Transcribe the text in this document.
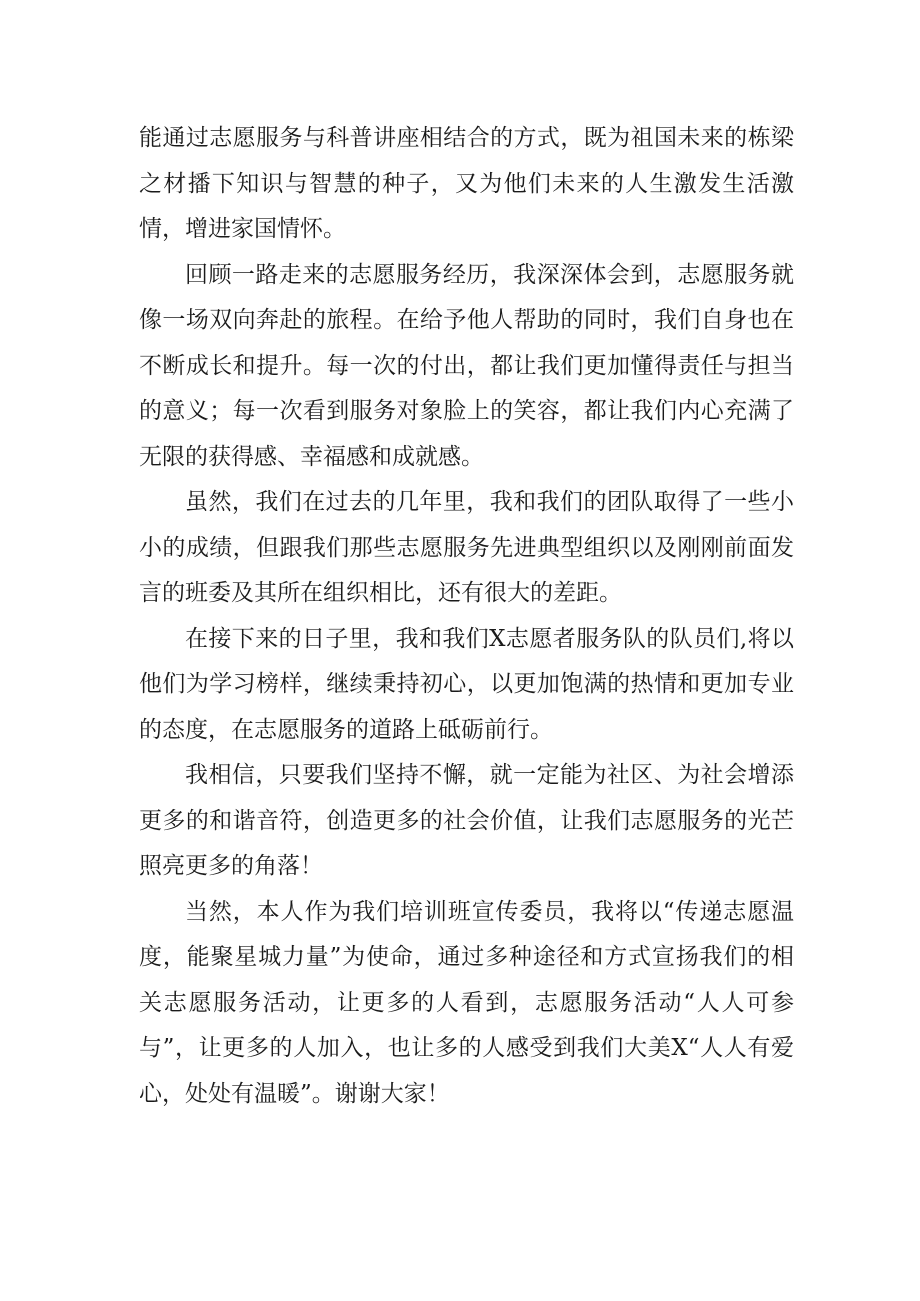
能通过志愿服务与科普讲座相结合的方式，既为祖国未来的栋梁之材播下知识与智慧的种子，又为他们未来的人生激发生活激情，增进家国情怀。

回顾一路走来的志愿服务经历，我深深体会到，志愿服务就像一场双向奔赴的旅程。在给予他人帮助的同时，我们自身也在不断成长和提升。每一次的付出，都让我们更加懂得责任与担当的意义；每一次看到服务对象脸上的笑容，都让我们内心充满了无限的获得感、幸福感和成就感。

虽然，我们在过去的几年里，我和我们的团队取得了一些小小的成绩，但跟我们那些志愿服务先进典型组织以及刚刚前面发言的班委及其所在组织相比，还有很大的差距。

在接下来的日子里，我和我们X志愿者服务队的队员们,将以他们为学习榜样，继续秉持初心，以更加饱满的热情和更加专业的态度，在志愿服务的道路上砥砺前行。

我相信，只要我们坚持不懈，就一定能为社区、为社会增添更多的和谐音符，创造更多的社会价值，让我们志愿服务的光芒照亮更多的角落！

当然，本人作为我们培训班宣传委员，我将以“传递志愿温度，能聚星城力量”为使命，通过多种途径和方式宣扬我们的相关志愿服务活动，让更多的人看到，志愿服务活动“人人可参与”，让更多的人加入，也让多的人感受到我们大美X“人人有爱心，处处有温暖”。谢谢大家！
